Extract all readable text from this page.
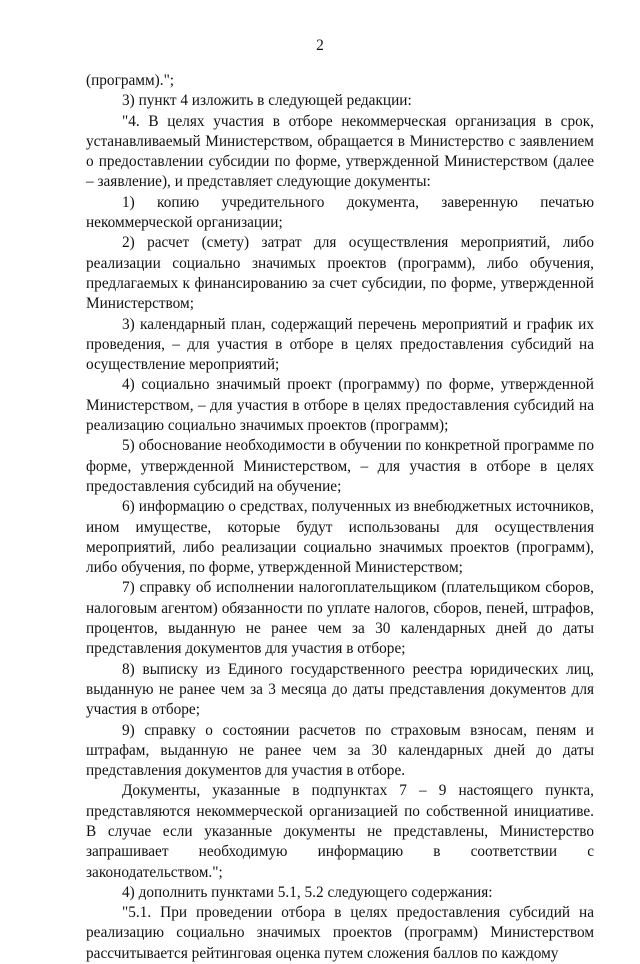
2

(программ).";

3) пункт 4 изложить в следующей редакции:

"4. В целях участия в отборе некоммерческая организация в срок, устанавливаемый Министерством, обращается в Министерство с заявлением о предоставлении субсидии по форме, утвержденной Министерством (далее – заявление), и представляет следующие документы:

1) копию учредительного документа, заверенную печатью некоммерческой организации;

2) расчет (смету) затрат для осуществления мероприятий, либо реализации социально значимых проектов (программ), либо обучения, предлагаемых к финансированию за счет субсидии, по форме, утвержденной Министерством;

3) календарный план, содержащий перечень мероприятий и график их проведения, – для участия в отборе в целях предоставления субсидий на осуществление мероприятий;

4) социально значимый проект (программу) по форме, утвержденной Министерством, – для участия в отборе в целях предоставления субсидий на реализацию социально значимых проектов (программ);

5) обоснование необходимости в обучении по конкретной программе по форме, утвержденной Министерством, – для участия в отборе в целях предоставления субсидий на обучение;

6) информацию о средствах, полученных из внебюджетных источников, ином имуществе, которые будут использованы для осуществления мероприятий, либо реализации социально значимых проектов (программ), либо обучения, по форме, утвержденной Министерством;

7) справку об исполнении налогоплательщиком (плательщиком сборов, налоговым агентом) обязанности по уплате налогов, сборов, пеней, штрафов, процентов, выданную не ранее чем за 30 календарных дней до даты представления документов для участия в отборе;

8) выписку из Единого государственного реестра юридических лиц, выданную не ранее чем за 3 месяца до даты представления документов для участия в отборе;

9) справку о состоянии расчетов по страховым взносам, пеням и штрафам, выданную не ранее чем за 30 календарных дней до даты представления документов для участия в отборе.

Документы, указанные в подпунктах 7 – 9 настоящего пункта, представляются некоммерческой организацией по собственной инициативе. В случае если указанные документы не представлены, Министерство запрашивает необходимую информацию в соответствии с законодательством.";

4) дополнить пунктами 5.1, 5.2 следующего содержания:

"5.1. При проведении отбора в целях предоставления субсидий на реализацию социально значимых проектов (программ) Министерством рассчитывается рейтинговая оценка путем сложения баллов по каждому
